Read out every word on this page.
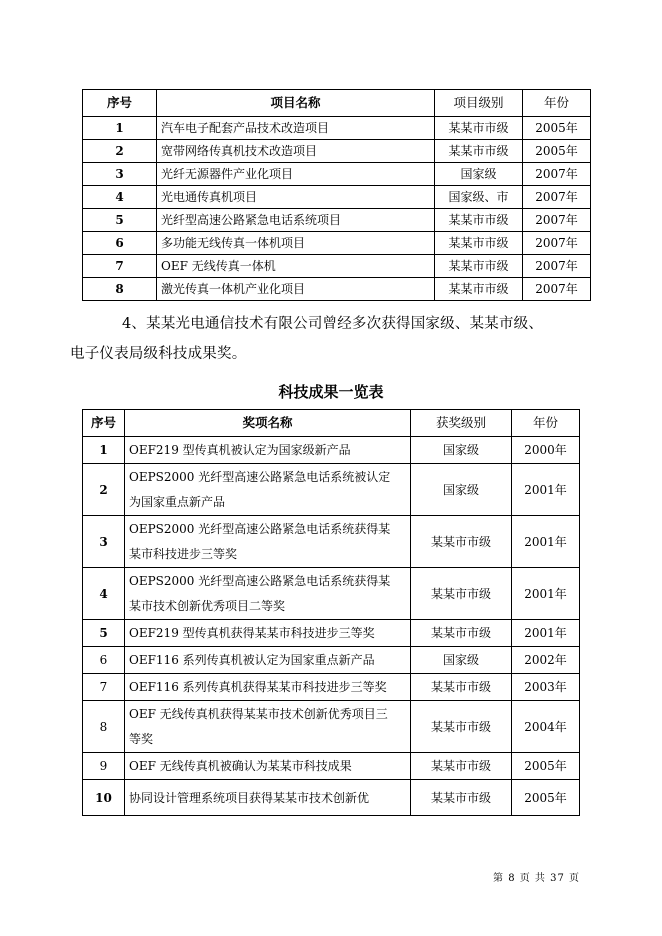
序号	项目名称	项目级别	年份
1	汽车电子配套产品技术改造项目	某某市市级	2005年
2	宽带网络传真机技术改造项目	某某市市级	2005年
3	光纤无源器件产业化项目	国家级	2007年
4	光电通传真机项目	国家级、市	2007年
5	光纤型高速公路紧急电话系统项目	某某市市级	2007年
6	多功能无线传真一体机项目	某某市市级	2007年
7	OEF 无线传真一体机	某某市市级	2007年
8	激光传真一体机产业化项目	某某市市级	2007年
4、某某光电通信技术有限公司曾经多次获得国家级、某某市级、
电子仪表局级科技成果奖。
科技成果一览表
序号	奖项名称	获奖级别	年份
1	OEF219 型传真机被认定为国家级新产品	国家级	2000年
2	OEPS2000 光纤型高速公路紧急电话系统被认定
为国家重点新产品	国家级	2001年
3	OEPS2000 光纤型高速公路紧急电话系统获得某
某市科技进步三等奖	某某市市级	2001年
4	OEPS2000 光纤型高速公路紧急电话系统获得某
某市技术创新优秀项目二等奖	某某市市级	2001年
5	OEF219 型传真机获得某某市科技进步三等奖	某某市市级	2001年
6	OEF116 系列传真机被认定为国家重点新产品	国家级	2002年
7	OEF116 系列传真机获得某某市科技进步三等奖	某某市市级	2003年
8	OEF 无线传真机获得某某市技术创新优秀项目三
等奖	某某市市级	2004年
9	OEF 无线传真机被确认为某某市科技成果	某某市市级	2005年
10	协同设计管理系统项目获得某某市技术创新优	某某市市级	2005年
第 8 页 共 37 页
